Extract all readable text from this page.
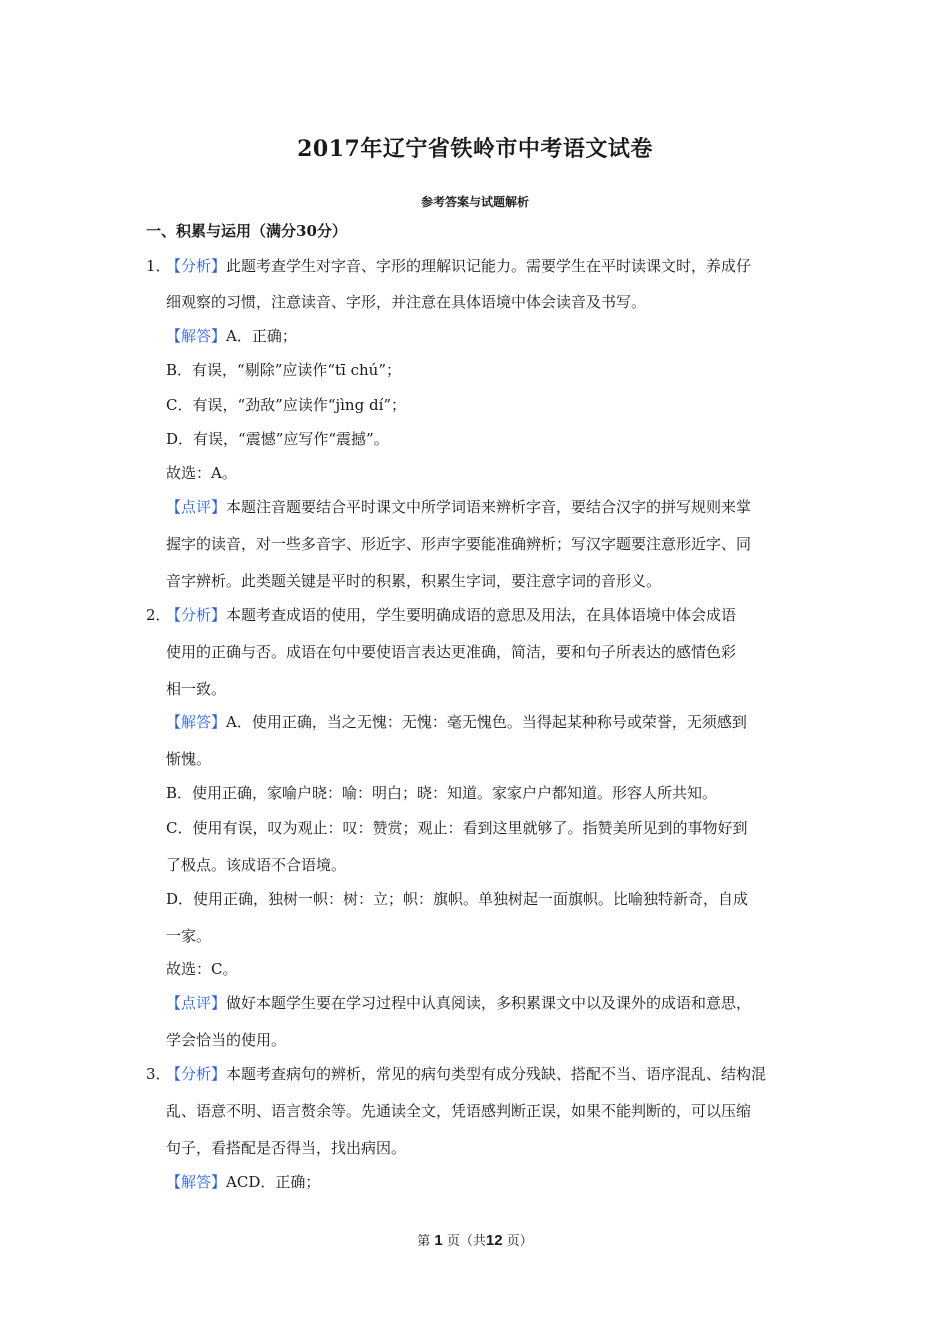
2017年辽宁省铁岭市中考语文试卷
参考答案与试题解析
一、积累与运用（满分30分）
1．
【分析】此题考查学生对字音、字形的理解识记能力。需要学生在平时读课文时，养成仔
细观察的习惯，注意读音、字形，并注意在具体语境中体会读音及书写。
【解答】A．正确；
B．有误，“剔除”应读作“tī chú”；
C．有误，“劲敌”应读作“jìng dí”；
D．有误，“震憾”应写作“震撼”。
故选：A。
【点评】本题注音题要结合平时课文中所学词语来辨析字音，要结合汉字的拼写规则来掌
握字的读音，对一些多音字、形近字、形声字要能准确辨析；写汉字题要注意形近字、同
音字辨析。此类题关键是平时的积累，积累生字词，要注意字词的音形义。
2．
【分析】本题考查成语的使用，学生要明确成语的意思及用法，在具体语境中体会成语
使用的正确与否。成语在句中要使语言表达更准确，简洁，要和句子所表达的感情色彩
相一致。
【解答】A．使用正确，当之无愧：无愧：毫无愧色。当得起某种称号或荣誉，无须感到
惭愧。
B．使用正确，家喻户晓：喻：明白；晓：知道。家家户户都知道。形容人所共知。
C．使用有误，叹为观止：叹：赞赏；观止：看到这里就够了。指赞美所见到的事物好到
了极点。该成语不合语境。
D．使用正确，独树一帜：树：立；帜：旗帜。单独树起一面旗帜。比喻独特新奇，自成
一家。
故选：C。
【点评】做好本题学生要在学习过程中认真阅读，多积累课文中以及课外的成语和意思，
学会恰当的使用。
3．
【分析】本题考查病句的辨析，常见的病句类型有成分残缺、搭配不当、语序混乱、结构混
乱、语意不明、语言赘余等。先通读全文，凭语感判断正误，如果不能判断的，可以压缩
句子，看搭配是否得当，找出病因。
【解答】ACD．正确；
第 1 页（共12 页）
